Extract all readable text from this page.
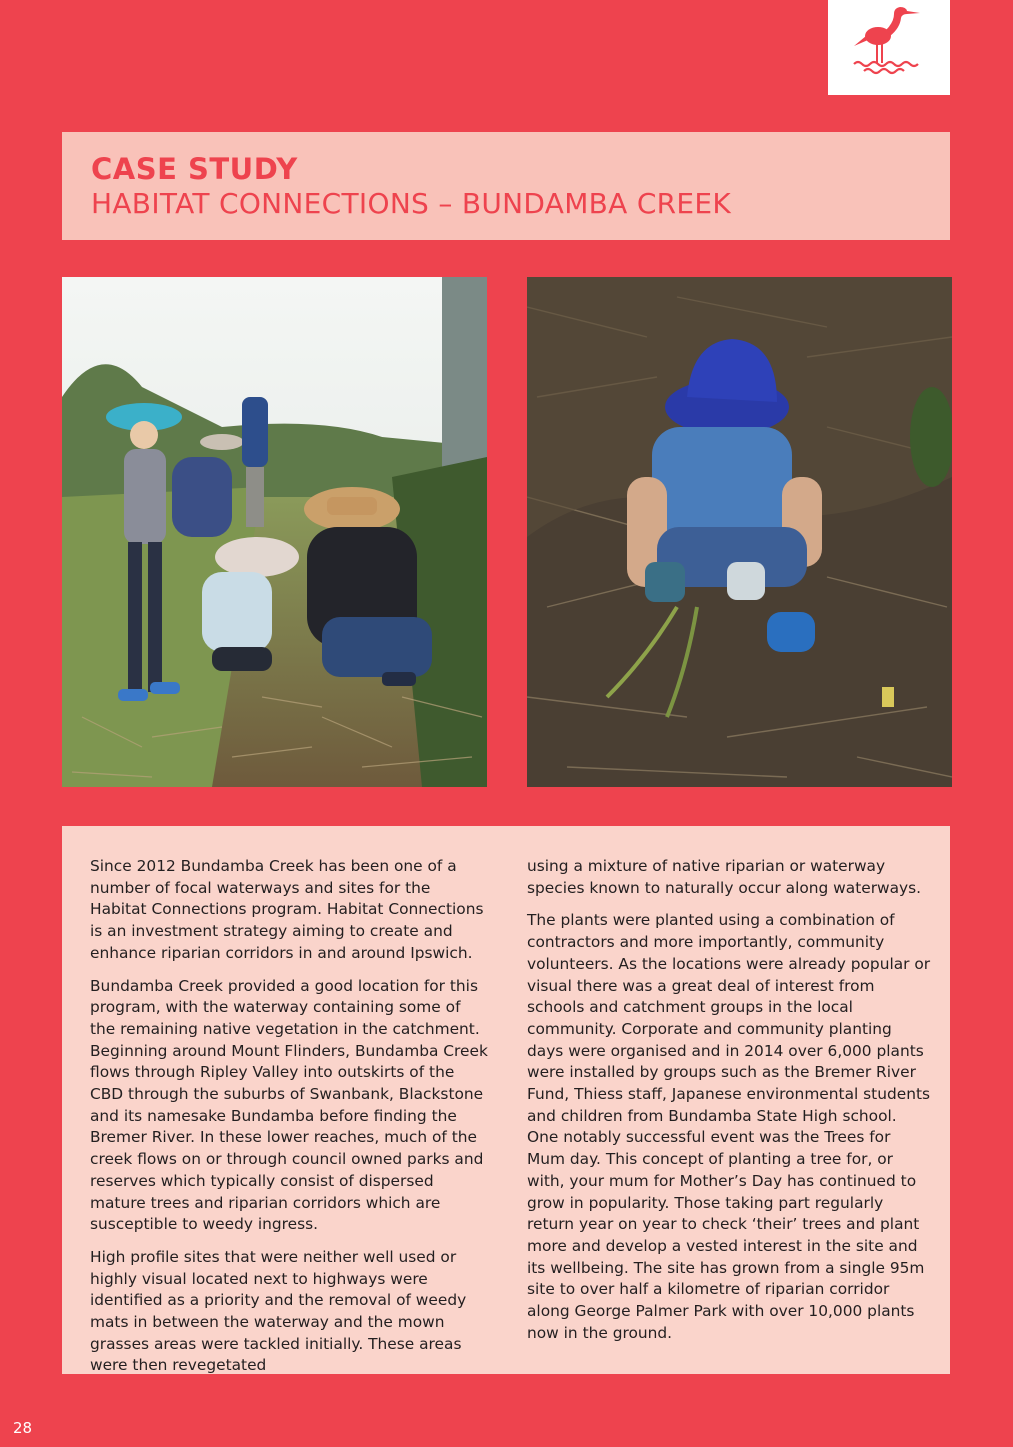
CASE STUDY
HABITAT CONNECTIONS – BUNDAMBA CREEK

Since 2012 Bundamba Creek has been one of a number of focal waterways and sites for the Habitat Connections program. Habitat Connections is an investment strategy aiming to create and enhance riparian corridors in and around Ipswich.

Bundamba Creek provided a good location for this program, with the waterway containing some of the remaining native vegetation in the catchment. Beginning around Mount Flinders, Bundamba Creek flows through Ripley Valley into outskirts of the CBD through the suburbs of Swanbank, Blackstone and its namesake Bundamba before finding the Bremer River. In these lower reaches, much of the creek flows on or through council owned parks and reserves which typically consist of dispersed mature trees and riparian corridors which are susceptible to weedy ingress.

High profile sites that were neither well used or highly visual located next to highways were identified as a priority and the removal of weedy mats in between the waterway and the mown grasses areas were tackled initially. These areas were then revegetated

using a mixture of native riparian or waterway species known to naturally occur along waterways.

The plants were planted using a combination of contractors and more importantly, community volunteers. As the locations were already popular or visual there was a great deal of interest from schools and catchment groups in the local community. Corporate and community planting days were organised and in 2014 over 6,000 plants were installed by groups such as the Bremer River Fund, Thiess staff, Japanese environmental students and children from Bundamba State High school. One notably successful event was the Trees for Mum day. This concept of planting a tree for, or with, your mum for Mother’s Day has continued to grow in popularity. Those taking part regularly return year on year to check ‘their’ trees and plant more and develop a vested interest in the site and its wellbeing. The site has grown from a single 95m site to over half a kilometre of riparian corridor along George Palmer Park with over 10,000 plants now in the ground.

28
